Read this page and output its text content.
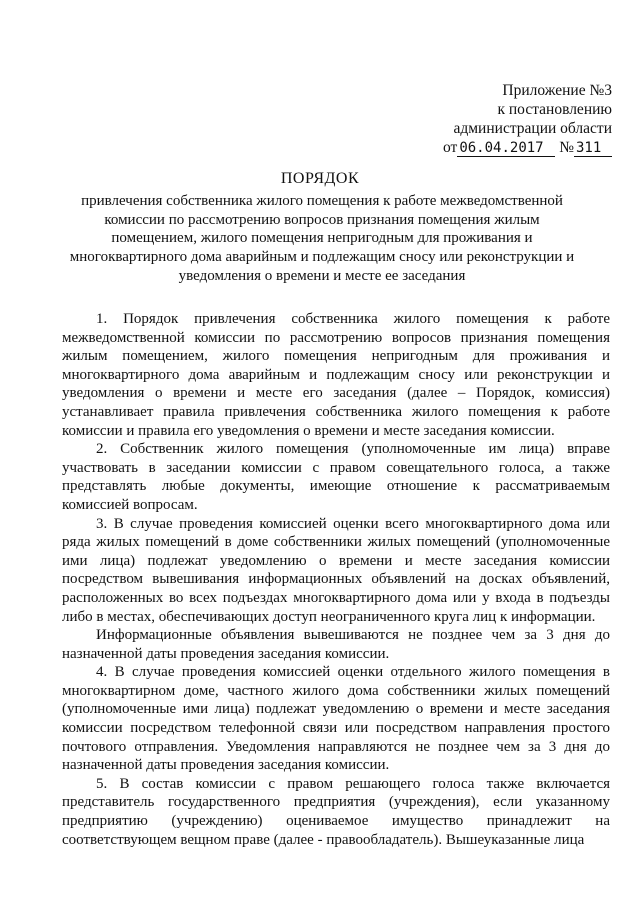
Приложение №3
к постановлению
администрации области
от 06.04.2017 № 311
ПОРЯДОК
привлечения собственника жилого помещения к работе межведомственной комиссии по рассмотрению вопросов признания помещения жилым помещением, жилого помещения непригодным для проживания и многоквартирного дома аварийным и подлежащим сносу или реконструкции и уведомления о времени и месте ее заседания

1. Порядок привлечения собственника жилого помещения к работе межведомственной комиссии по рассмотрению вопросов признания помещения жилым помещением, жилого помещения непригодным для проживания и многоквартирного дома аварийным и подлежащим сносу или реконструкции и уведомления о времени и месте его заседания (далее – Порядок, комиссия) устанавливает правила привлечения собственника жилого помещения к работе комиссии и правила его уведомления о времени и месте заседания комиссии.

2. Собственник жилого помещения (уполномоченные им лица) вправе участвовать в заседании комиссии с правом совещательного голоса, а также представлять любые документы, имеющие отношение к рассматриваемым комиссией вопросам.

3. В случае проведения комиссией оценки всего многоквартирного дома или ряда жилых помещений в доме собственники жилых помещений (уполномоченные ими лица) подлежат уведомлению о времени и месте заседания комиссии посредством вывешивания информационных объявлений на досках объявлений, расположенных во всех подъездах многоквартирного дома или у входа в подъезды либо в местах, обеспечивающих доступ неограниченного круга лиц к информации.

Информационные объявления вывешиваются не позднее чем за 3 дня до назначенной даты проведения заседания комиссии.

4. В случае проведения комиссией оценки отдельного жилого помещения в многоквартирном доме, частного жилого дома собственники жилых помещений (уполномоченные ими лица) подлежат уведомлению о времени и месте заседания комиссии посредством телефонной связи или посредством направления простого почтового отправления. Уведомления направляются не позднее чем за 3 дня до назначенной даты проведения заседания комиссии.

5. В состав комиссии с правом решающего голоса также включается представитель государственного предприятия (учреждения), если указанному предприятию (учреждению) оцениваемое имущество принадлежит на соответствующем вещном праве (далее - правообладатель). Вышеуказанные лица
